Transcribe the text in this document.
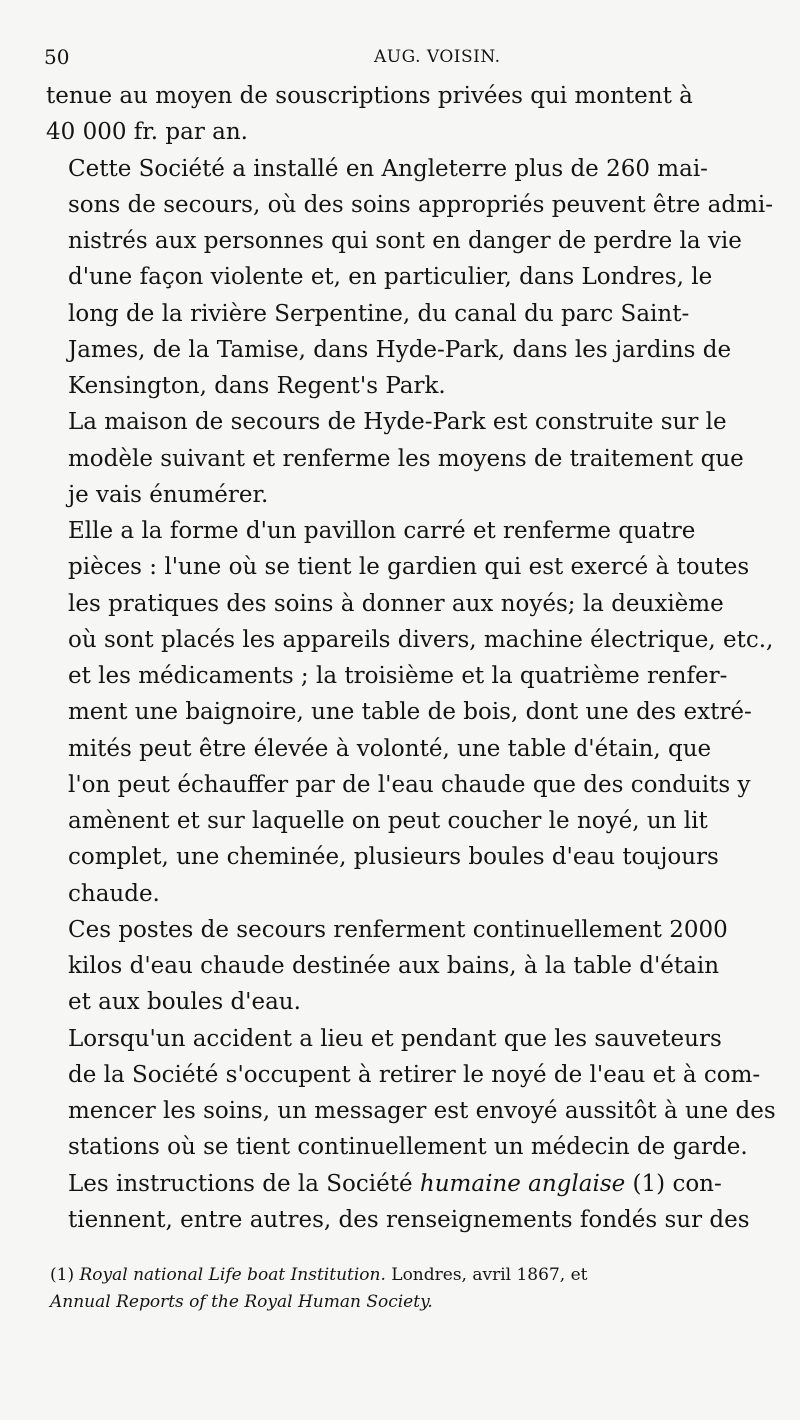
50	AUG. VOISIN.

tenue au moyen de souscriptions privées qui montent à
40 000 fr. par an.

Cette Société a installé en Angleterre plus de 260 mai-
sons de secours, où des soins appropriés peuvent être admi-
nistrés aux personnes qui sont en danger de perdre la vie
d'une façon violente et, en particulier, dans Londres, le
long de la rivière Serpentine, du canal du parc Saint-
James, de la Tamise, dans Hyde-Park, dans les jardins de
Kensington, dans Regent's Park.

La maison de secours de Hyde-Park est construite sur le
modèle suivant et renferme les moyens de traitement que
je vais énumérer.

Elle a la forme d'un pavillon carré et renferme quatre
pièces : l'une où se tient le gardien qui est exercé à toutes
les pratiques des soins à donner aux noyés; la deuxième
où sont placés les appareils divers, machine électrique, etc.,
et les médicaments ; la troisième et la quatrième renfer-
ment une baignoire, une table de bois, dont une des extré-
mités peut être élevée à volonté, une table d'étain, que
l'on peut échauffer par de l'eau chaude que des conduits y
amènent et sur laquelle on peut coucher le noyé, un lit
complet, une cheminée, plusieurs boules d'eau toujours
chaude.

Ces postes de secours renferment continuellement 2000
kilos d'eau chaude destinée aux bains, à la table d'étain
et aux boules d'eau.

Lorsqu'un accident a lieu et pendant que les sauveteurs
de la Société s'occupent à retirer le noyé de l'eau et à com-
mencer les soins, un messager est envoyé aussitôt à une des
stations où se tient continuellement un médecin de garde.

Les instructions de la Société humaine anglaise (1) con-
tiennent, entre autres, des renseignements fondés sur des

(1) Royal national Life boat Institution. Londres, avril 1867, et
Annual Reports of the Royal Human Society.
